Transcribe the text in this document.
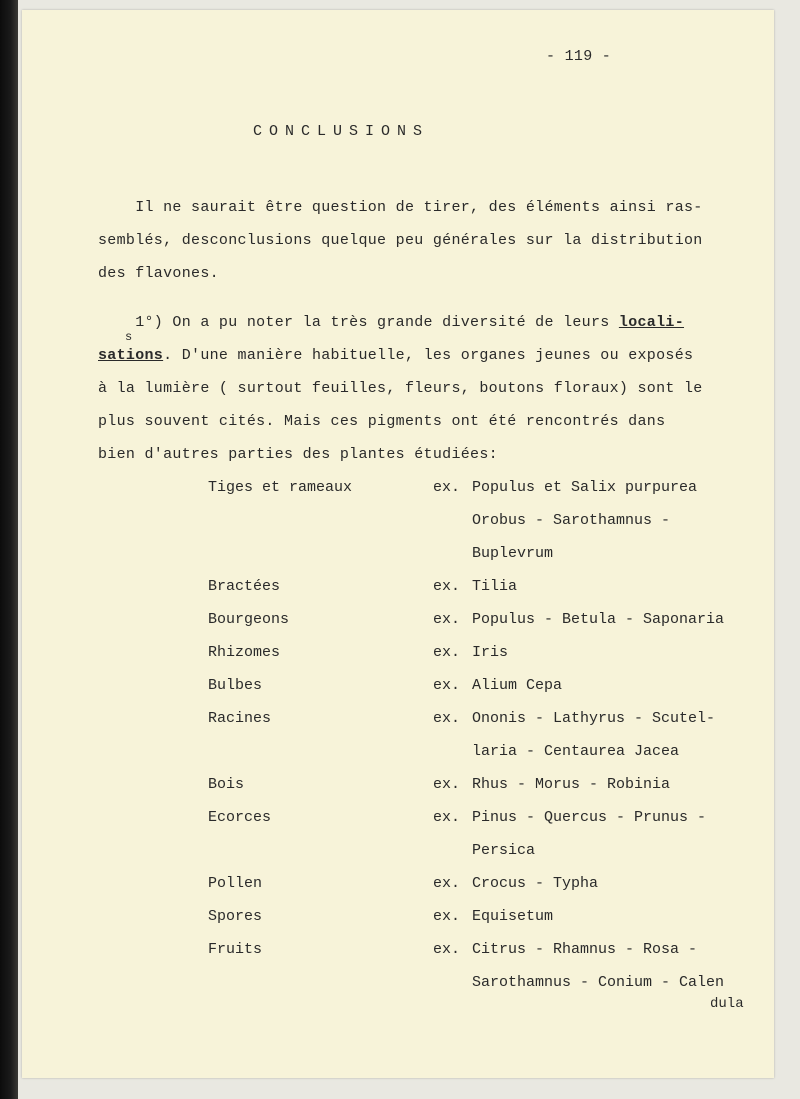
- 119 -
CONCLUSIONS
Il ne saurait être question de tirer, des éléments ainsi ras-
semblés, desconclusions quelque peu générales sur la distribution
des flavones.
1°) On a pu noter la très grande diversité de leurs locali-
sations. D'une manière habituelle, les organes jeunes ou exposés
à la lumière ( surtout feuilles, fleurs, boutons floraux) sont le
plus souvent cités. Mais ces pigments ont été rencontrés dans
bien d'autres parties des plantes étudiées:
s
Tiges et rameaux	ex. Populus et Salix purpurea
Orobus - Sarothamnus -
Buplevrum
Bractées	ex. Tilia
Bourgeons	ex. Populus - Betula - Saponaria
Rhizomes	ex. Iris
Bulbes	ex. Alium Cepa
Racines	ex. Ononis - Lathyrus - Scutel-
laria - Centaurea Jacea
Bois	ex. Rhus - Morus - Robinia
Ecorces	ex. Pinus - Quercus - Prunus -
Persica
Pollen	ex. Crocus - Typha
Spores	ex. Equisetum
Fruits	ex. Citrus - Rhamnus - Rosa -
Sarothamnus - Conium - Calen
dula
